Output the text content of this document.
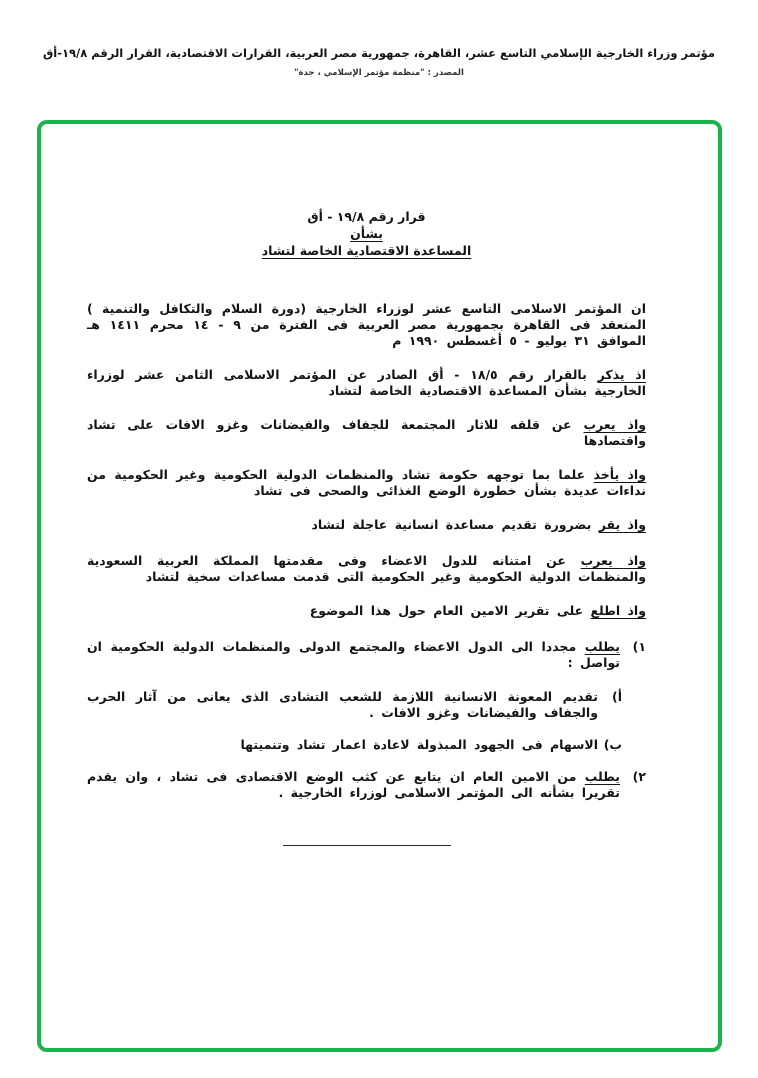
مؤتمر وزراء الخارجية الإسلامي التاسع عشر، القاهرة، جمهورية مصر العربية، القرارات الاقتصادية، القرار الرقم ١٩/٨-أق
المصدر : "منظمة مؤتمر الإسلامي ، جدة"
قرار رقم ١٩/٨ - أق
بشأن
المساعدة الاقتصادية الخاصة لتشاد

ان المؤتمر الاسلامى التاسع عشر لوزراء الخارجية (دورة السلام والتكافل والتنمية ) المنعقد فى القاهرة بجمهورية مصر العربية فى الفترة من ٩ - ١٤ محرم ١٤١١ هـ الموافق ٣١ يوليو - ٥ أغسطس ١٩٩٠ م

اذ يذكر بالقرار رقم ١٨/٥ - أق الصادر عن المؤتمر الاسلامى الثامن عشر لوزراء الخارجية بشأن المساعدة الاقتصادية الخاصة لتشاد

واذ يعرب عن قلقه للاثار المجتمعة للجفاف والفيضانات وغزو الافات على تشاد واقتصادها

واذ يأخذ علما بما توجهه حكومة تشاد والمنظمات الدولية الحكومية وغير الحكومية من نداءات عديدة بشأن خطورة الوضع الغذائى والصحى فى تشاد

واذ يقر بضرورة تقديم مساعدة انسانية عاجلة لتشاد

واذ يعرب عن امتنانه للدول الاعضاء وفى مقدمتها المملكة العربية السعودية والمنظمات الدولية الحكومية وغير الحكومية التى قدمت مساعدات سخية لتشاد

واذ اطلع على تقرير الامين العام حول هذا الموضوع

١)
يطلب مجددا الى الدول الاعضاء والمجتمع الدولى والمنظمات الدولية الحكومية ان تواصل :
أ)
تقديم المعونة الانسانية اللازمة للشعب التشادى الذى يعانى من آثار الحرب والجفاف والفيضانات وغزو الافات .
ب)
الاسهام فى الجهود المبذولة لاعادة اعمار تشاد وتنميتها
٢)
يطلب من الامين العام ان يتابع عن كثب الوضع الاقتصادى فى تشاد ، وان يقدم تقريرا بشأنه الى المؤتمر الاسلامى لوزراء الخارجية .
